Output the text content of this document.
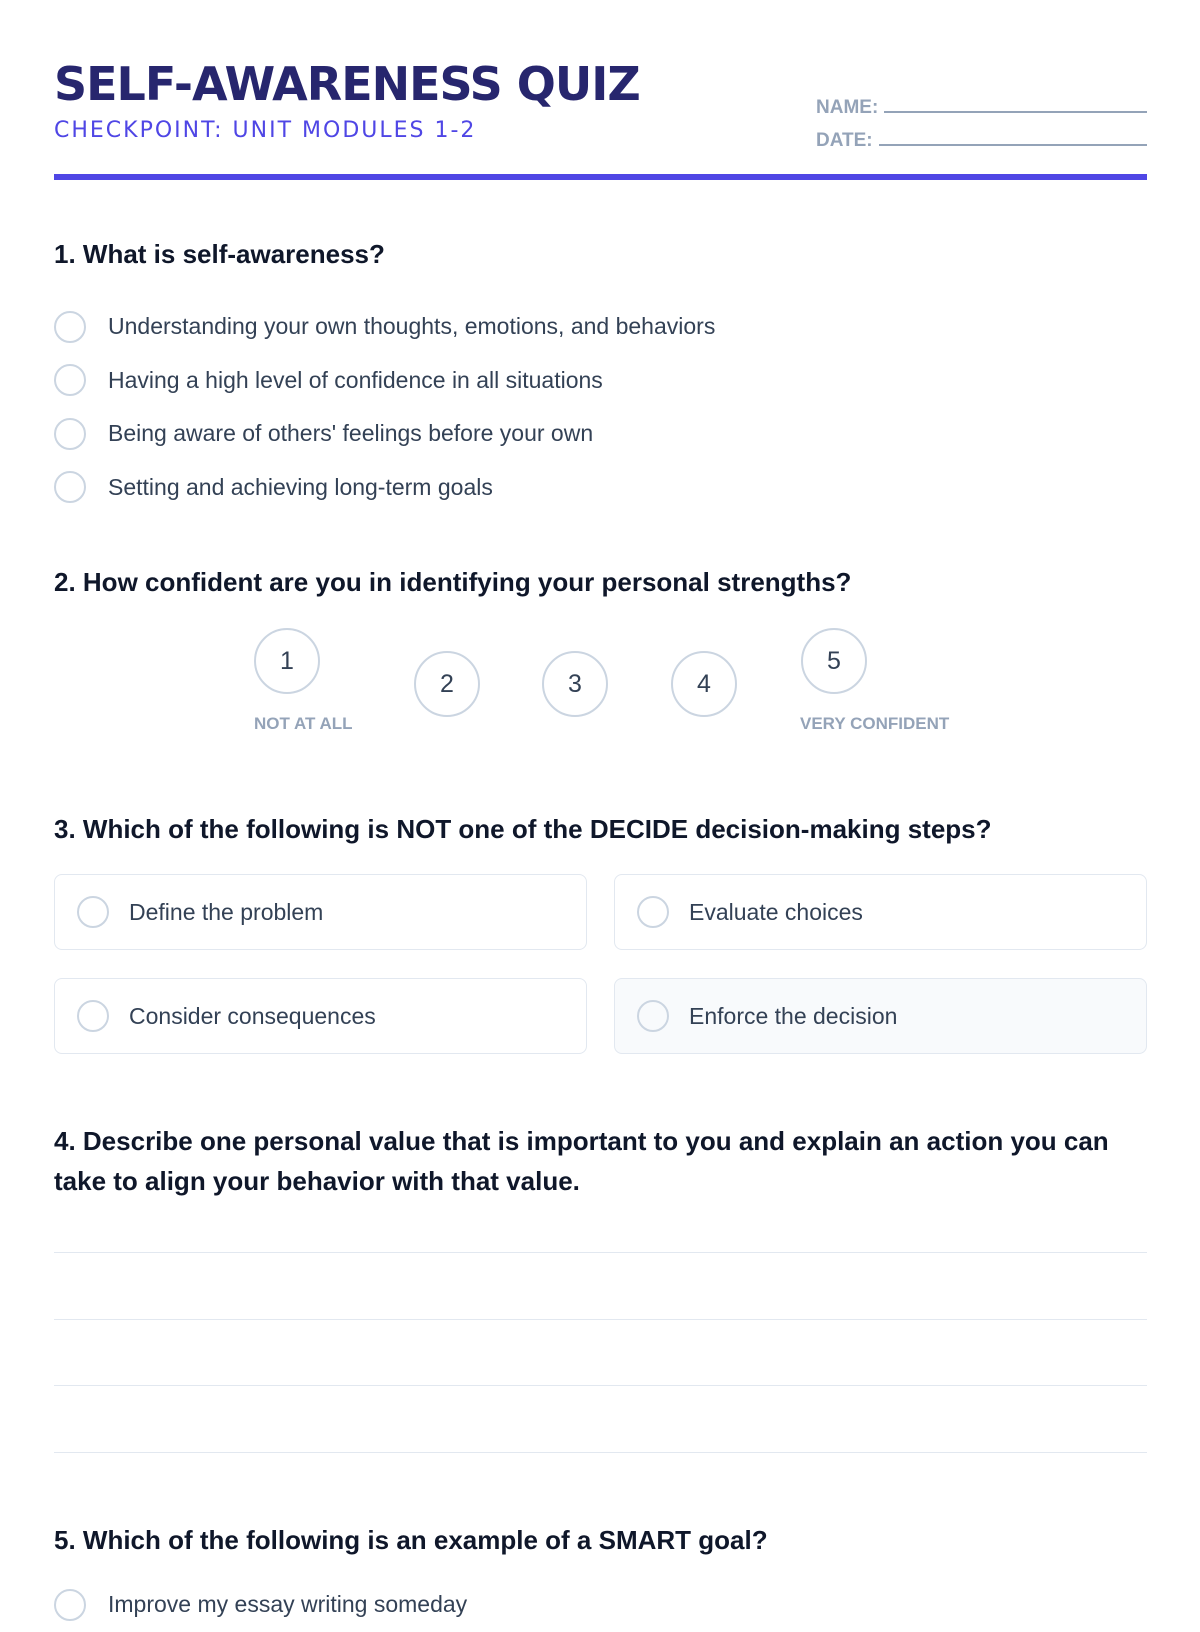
SELF-AWARENESS QUIZ
CHECKPOINT: UNIT MODULES 1-2
NAME:
DATE:
1. What is self-awareness?
Understanding your own thoughts, emotions, and behaviors
Having a high level of confidence in all situations
Being aware of others' feelings before your own
Setting and achieving long-term goals
2. How confident are you in identifying your personal strengths?
1
2	3	4
5
NOT AT ALL	VERY CONFIDENT
3. Which of the following is NOT one of the DECIDE decision-making steps?
Define the problem	Evaluate choices
Consider consequences	Enforce the decision
4. Describe one personal value that is important to you and explain an action you can take to align your behavior with that value.
5. Which of the following is an example of a SMART goal?
Improve my essay writing someday
